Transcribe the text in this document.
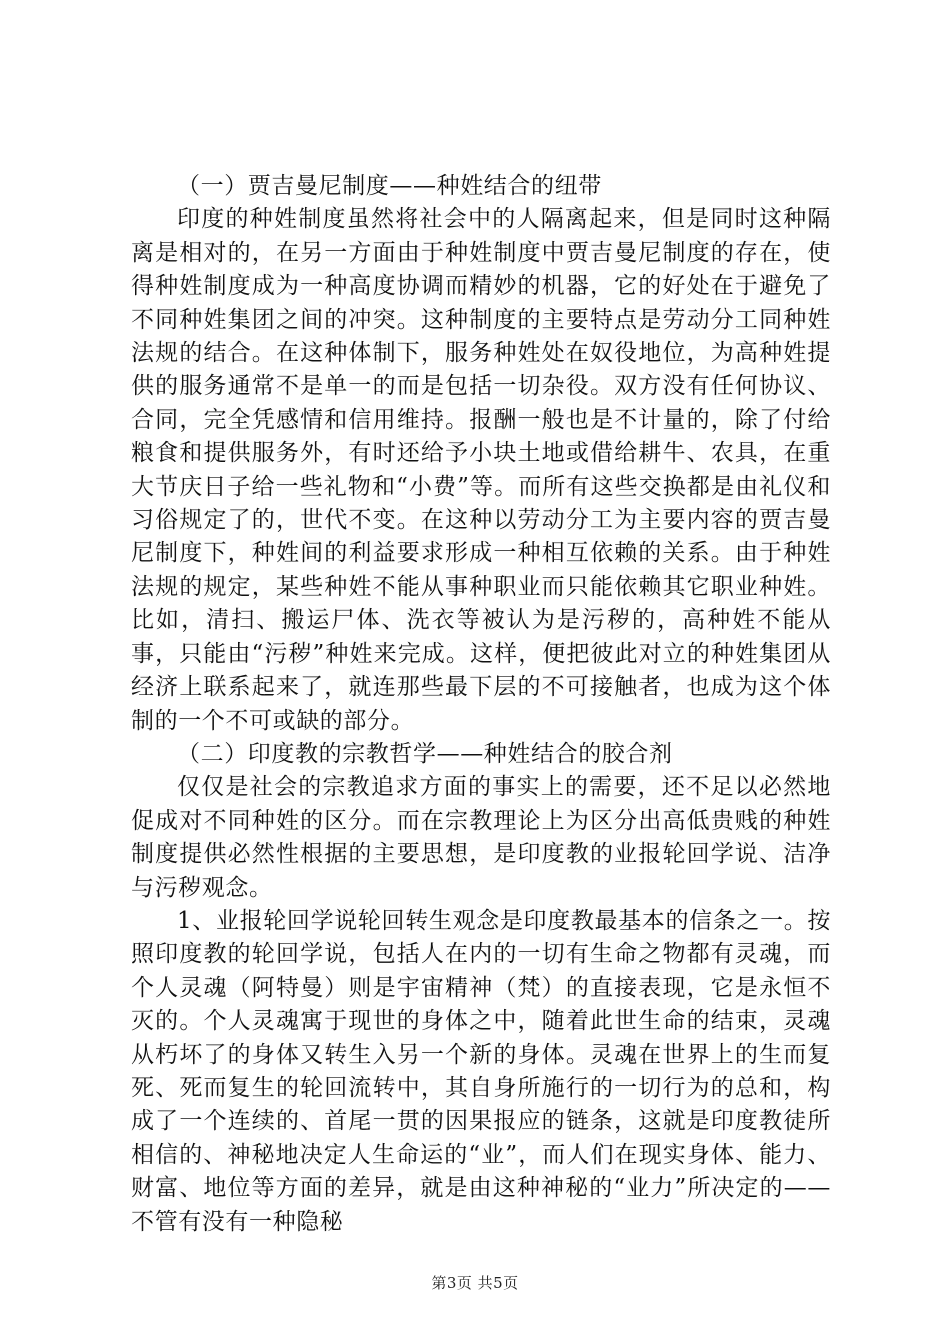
（一）贾吉曼尼制度——种姓结合的纽带

印度的种姓制度虽然将社会中的人隔离起来，但是同时这种隔离是相对的，在另一方面由于种姓制度中贾吉曼尼制度的存在，使得种姓制度成为一种高度协调而精妙的机器，它的好处在于避免了不同种姓集团之间的冲突。这种制度的主要特点是劳动分工同种姓法规的结合。在这种体制下，服务种姓处在奴役地位，为高种姓提供的服务通常不是单一的而是包括一切杂役。双方没有任何协议、合同，完全凭感情和信用维持。报酬一般也是不计量的，除了付给粮食和提供服务外，有时还给予小块土地或借给耕牛、农具，在重大节庆日子给一些礼物和“小费”等。而所有这些交换都是由礼仪和习俗规定了的，世代不变。在这种以劳动分工为主要内容的贾吉曼尼制度下，种姓间的利益要求形成一种相互依赖的关系。由于种姓法规的规定，某些种姓不能从事种职业而只能依赖其它职业种姓。比如，清扫、搬运尸体、洗衣等被认为是污秽的，高种姓不能从事，只能由“污秽”种姓来完成。这样，便把彼此对立的种姓集团从经济上联系起来了，就连那些最下层的不可接触者，也成为这个体制的一个不可或缺的部分。

（二）印度教的宗教哲学——种姓结合的胶合剂

仅仅是社会的宗教追求方面的事实上的需要，还不足以必然地促成对不同种姓的区分。而在宗教理论上为区分出高低贵贱的种姓制度提供必然性根据的主要思想，是印度教的业报轮回学说、洁净与污秽观念。

1、业报轮回学说轮回转生观念是印度教最基本的信条之一。按照印度教的轮回学说，包括人在内的一切有生命之物都有灵魂，而个人灵魂（阿特曼）则是宇宙精神（梵）的直接表现，它是永恒不灭的。个人灵魂寓于现世的身体之中，随着此世生命的结束，灵魂从朽坏了的身体又转生入另一个新的身体。灵魂在世界上的生而复死、死而复生的轮回流转中，其自身所施行的一切行为的总和，构成了一个连续的、首尾一贯的因果报应的链条，这就是印度教徒所相信的、神秘地决定人生命运的“业”，而人们在现实身体、能力、财富、地位等方面的差异，就是由这种神秘的“业力”所决定的——不管有没有一种隐秘

第3页 共5页
